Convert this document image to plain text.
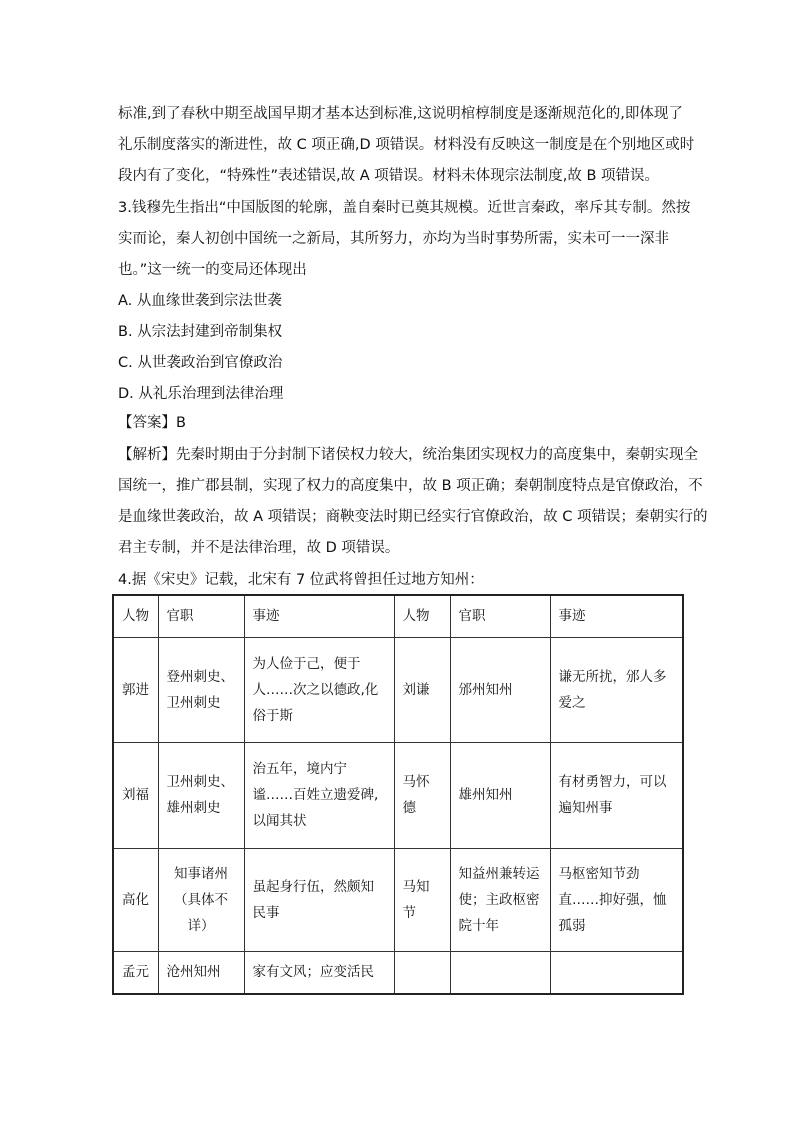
标准,到了春秋中期至战国早期才基本达到标准,这说明棺椁制度是逐渐规范化的,即体现了
礼乐制度落实的渐进性，故 C 项正确,D 项错误。材料没有反映这一制度是在个别地区或时
段内有了变化，“特殊性”表述错误,故 A 项错误。材料未体现宗法制度,故 B 项错误。
3.钱穆先生指出“中国版图的轮廓，盖自秦时已奠其规模。近世言秦政，率斥其专制。然按
实而论，秦人初创中国统一之新局，其所努力，亦均为当时事势所需，实未可一一深非
也。”这一统一的变局还体现出
A. 从血缘世袭到宗法世袭
B. 从宗法封建到帝制集权
C. 从世袭政治到官僚政治
D. 从礼乐治理到法律治理
【答案】B
【解析】先秦时期由于分封制下诸侯权力较大，统治集团实现权力的高度集中，秦朝实现全
国统一，推广郡县制，实现了权力的高度集中，故 B 项正确；秦朝制度特点是官僚政治，不
是血缘世袭政治，故 A 项错误；商鞅变法时期已经实行官僚政治，故 C 项错误；秦朝实行的
君主专制，并不是法律治理，故 D 项错误。
4.据《宋史》记载，北宋有 7 位武将曾担任过地方知州：
人物	官职	事迹	人物	官职	事迹
郭进	登州刺史、卫州刺史	为人俭于己，便于人……次之以德政,化俗于斯	刘谦	邠州知州	谦无所扰，邠人多爱之
刘福	卫州刺史、雄州刺史	治五年，境内宁谧……百姓立遗爱碑,以闻其状	马怀德	雄州知州	有材勇智力，可以遍知州事
高化	知事诸州（具体不详）	虽起身行伍，然颇知民事	马知节	知益州兼转运使；主政枢密院十年	马枢密知节劲直……抑好强，恤孤弱
孟元	沧州知州	家有文风；应变活民			
